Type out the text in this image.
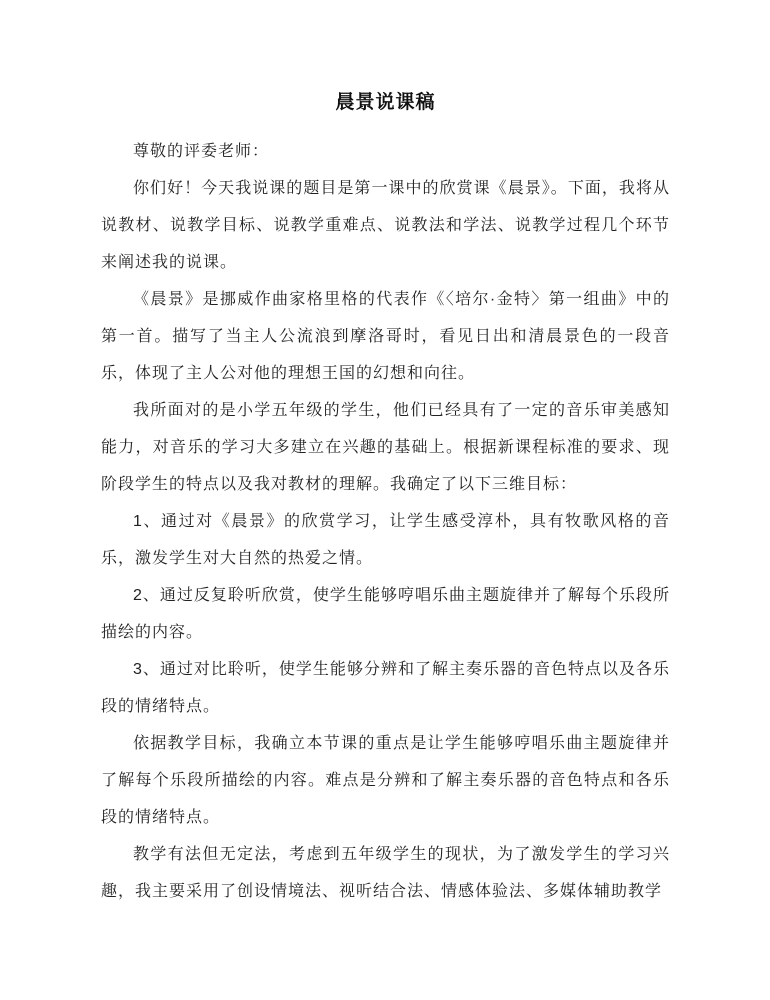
晨景说课稿

尊敬的评委老师：

你们好！今天我说课的题目是第一课中的欣赏课《晨景》。下面，我将从说教材、说教学目标、说教学重难点、说教法和学法、说教学过程几个环节来阐述我的说课。

《晨景》是挪威作曲家格里格的代表作《〈培尔·金特〉第一组曲》中的第一首。描写了当主人公流浪到摩洛哥时，看见日出和清晨景色的一段音乐，体现了主人公对他的理想王国的幻想和向往。

我所面对的是小学五年级的学生，他们已经具有了一定的音乐审美感知能力，对音乐的学习大多建立在兴趣的基础上。根据新课程标准的要求、现阶段学生的特点以及我对教材的理解。我确定了以下三维目标：

1、通过对《晨景》的欣赏学习，让学生感受淳朴，具有牧歌风格的音乐，激发学生对大自然的热爱之情。

2、通过反复聆听欣赏，使学生能够哼唱乐曲主题旋律并了解每个乐段所描绘的内容。

3、通过对比聆听，使学生能够分辨和了解主奏乐器的音色特点以及各乐段的情绪特点。

依据教学目标，我确立本节课的重点是让学生能够哼唱乐曲主题旋律并了解每个乐段所描绘的内容。难点是分辨和了解主奏乐器的音色特点和各乐段的情绪特点。

教学有法但无定法，考虑到五年级学生的现状，为了激发学生的学习兴趣，我主要采用了创设情境法、视听结合法、情感体验法、多媒体辅助教学
